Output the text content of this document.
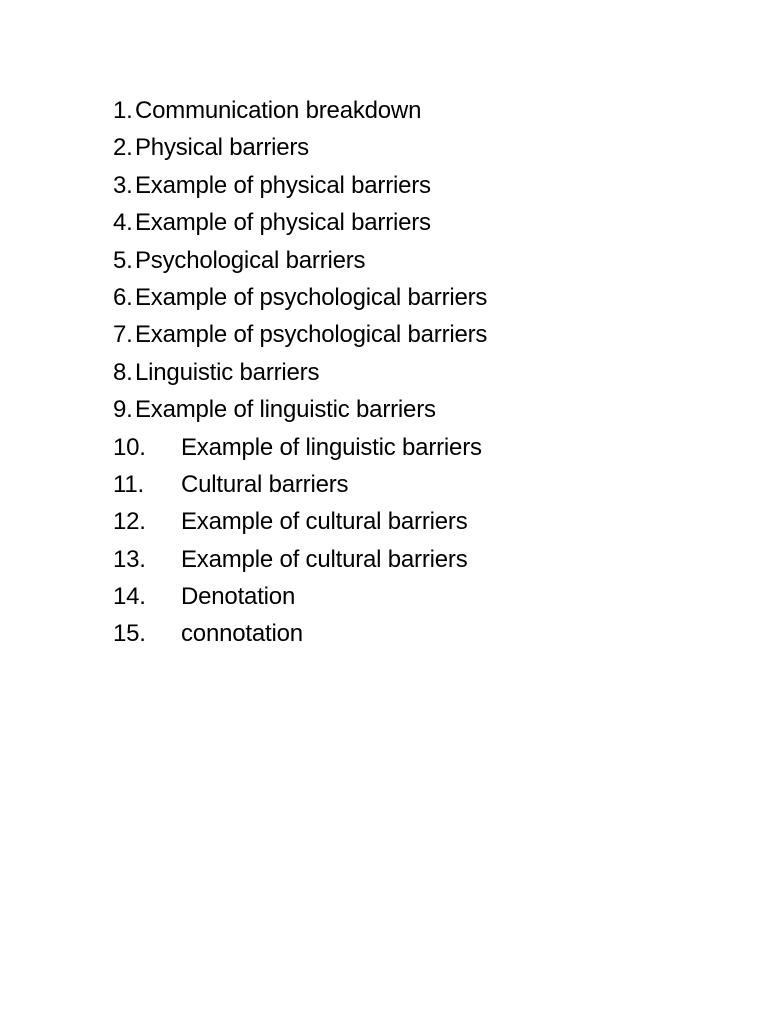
1. Communication breakdown
2. Physical barriers
3. Example of physical barriers
4. Example of physical barriers
5. Psychological barriers
6. Example of psychological barriers
7. Example of psychological barriers
8. Linguistic barriers
9. Example of linguistic barriers
10.	Example of linguistic barriers
11.	Cultural barriers
12.	Example of cultural barriers
13.	Example of cultural barriers
14.	Denotation
15.	connotation
